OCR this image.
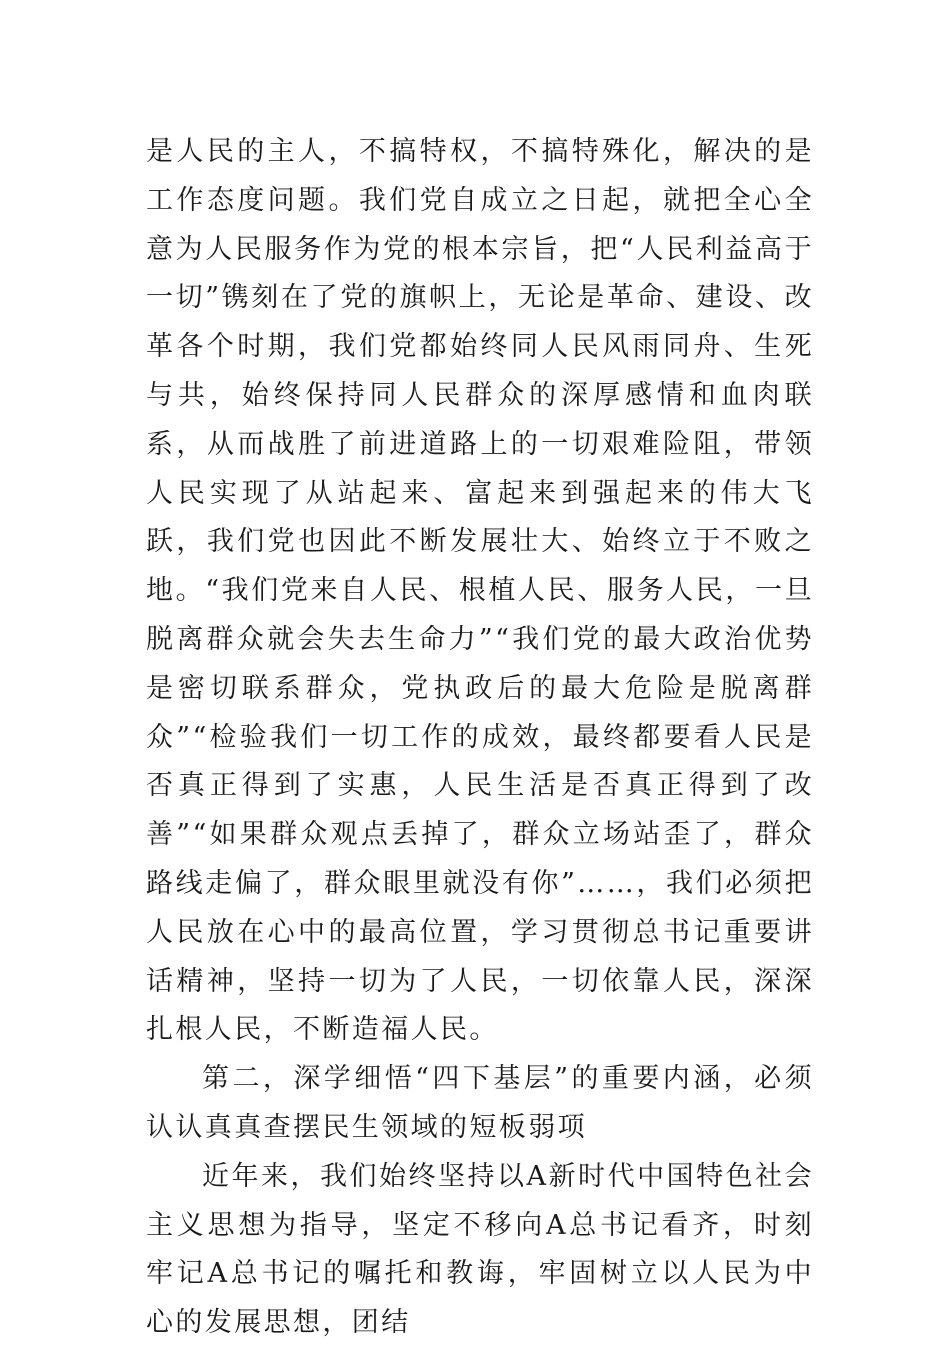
是人民的主人，不搞特权，不搞特殊化，解决的是工作态度问题。我们党自成立之日起，就把全心全意为人民服务作为党的根本宗旨，把“人民利益高于一切”镌刻在了党的旗帜上，无论是革命、建设、改革各个时期，我们党都始终同人民风雨同舟、生死与共，始终保持同人民群众的深厚感情和血肉联系，从而战胜了前进道路上的一切艰难险阻，带领人民实现了从站起来、富起来到强起来的伟大飞跃，我们党也因此不断发展壮大、始终立于不败之地。“我们党来自人民、根植人民、服务人民，一旦脱离群众就会失去生命力”“我们党的最大政治优势是密切联系群众，党执政后的最大危险是脱离群众”“检验我们一切工作的成效，最终都要看人民是否真正得到了实惠，人民生活是否真正得到了改善”“如果群众观点丢掉了，群众立场站歪了，群众路线走偏了，群众眼里就没有你”……，我们必须把人民放在心中的最高位置，学习贯彻总书记重要讲话精神，坚持一切为了人民，一切依靠人民，深深扎根人民，不断造福人民。

第二，深学细悟“四下基层”的重要内涵，必须认认真真查摆民生领域的短板弱项

近年来，我们始终坚持以A新时代中国特色社会主义思想为指导，坚定不移向A总书记看齐，时刻牢记A总书记的嘱托和教诲，牢固树立以人民为中心的发展思想，团结
